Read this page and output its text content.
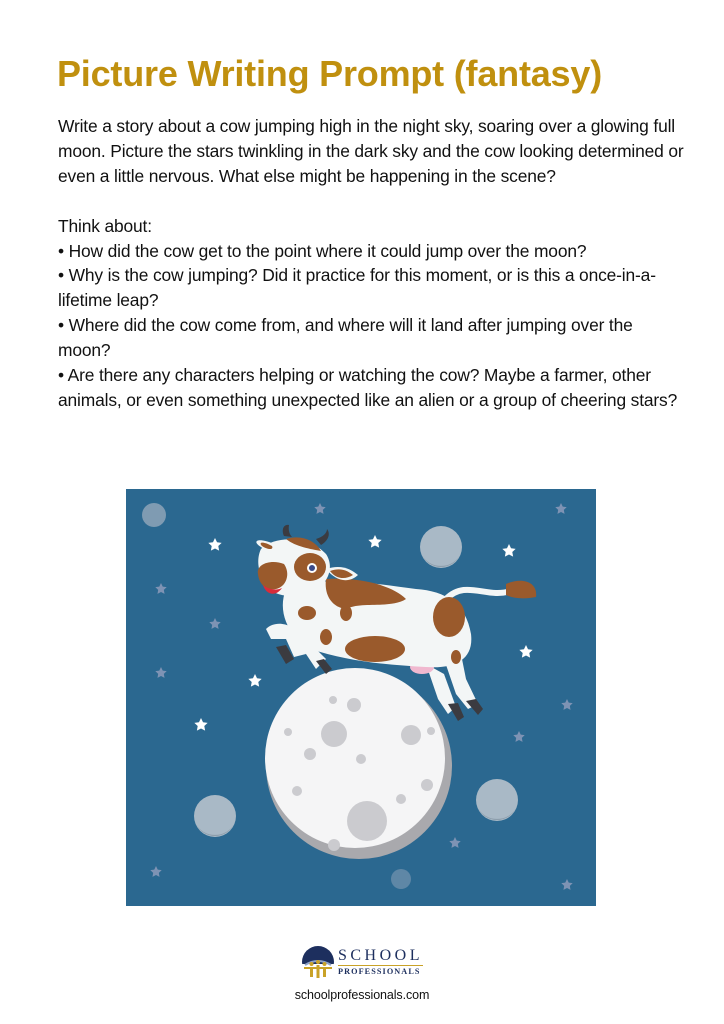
Picture Writing Prompt (fantasy)

Write a story about a cow jumping high in the night sky, soaring over a glowing full moon. Picture the stars twinkling in the dark sky and the cow looking determined or even a little nervous. What else might be happening in the scene?

Think about:

• How did the cow get to the point where it could jump over the moon?

• Why is the cow jumping? Did it practice for this moment, or is this a once-in-a-lifetime leap?

• Where did the cow come from, and where will it land after jumping over the moon?

• Are there any characters helping or watching the cow? Maybe a farmer, other animals, or even something unexpected like an alien or a group of cheering stars?

SCHOOL
PROFESSIONALS
schoolprofessionals.com
